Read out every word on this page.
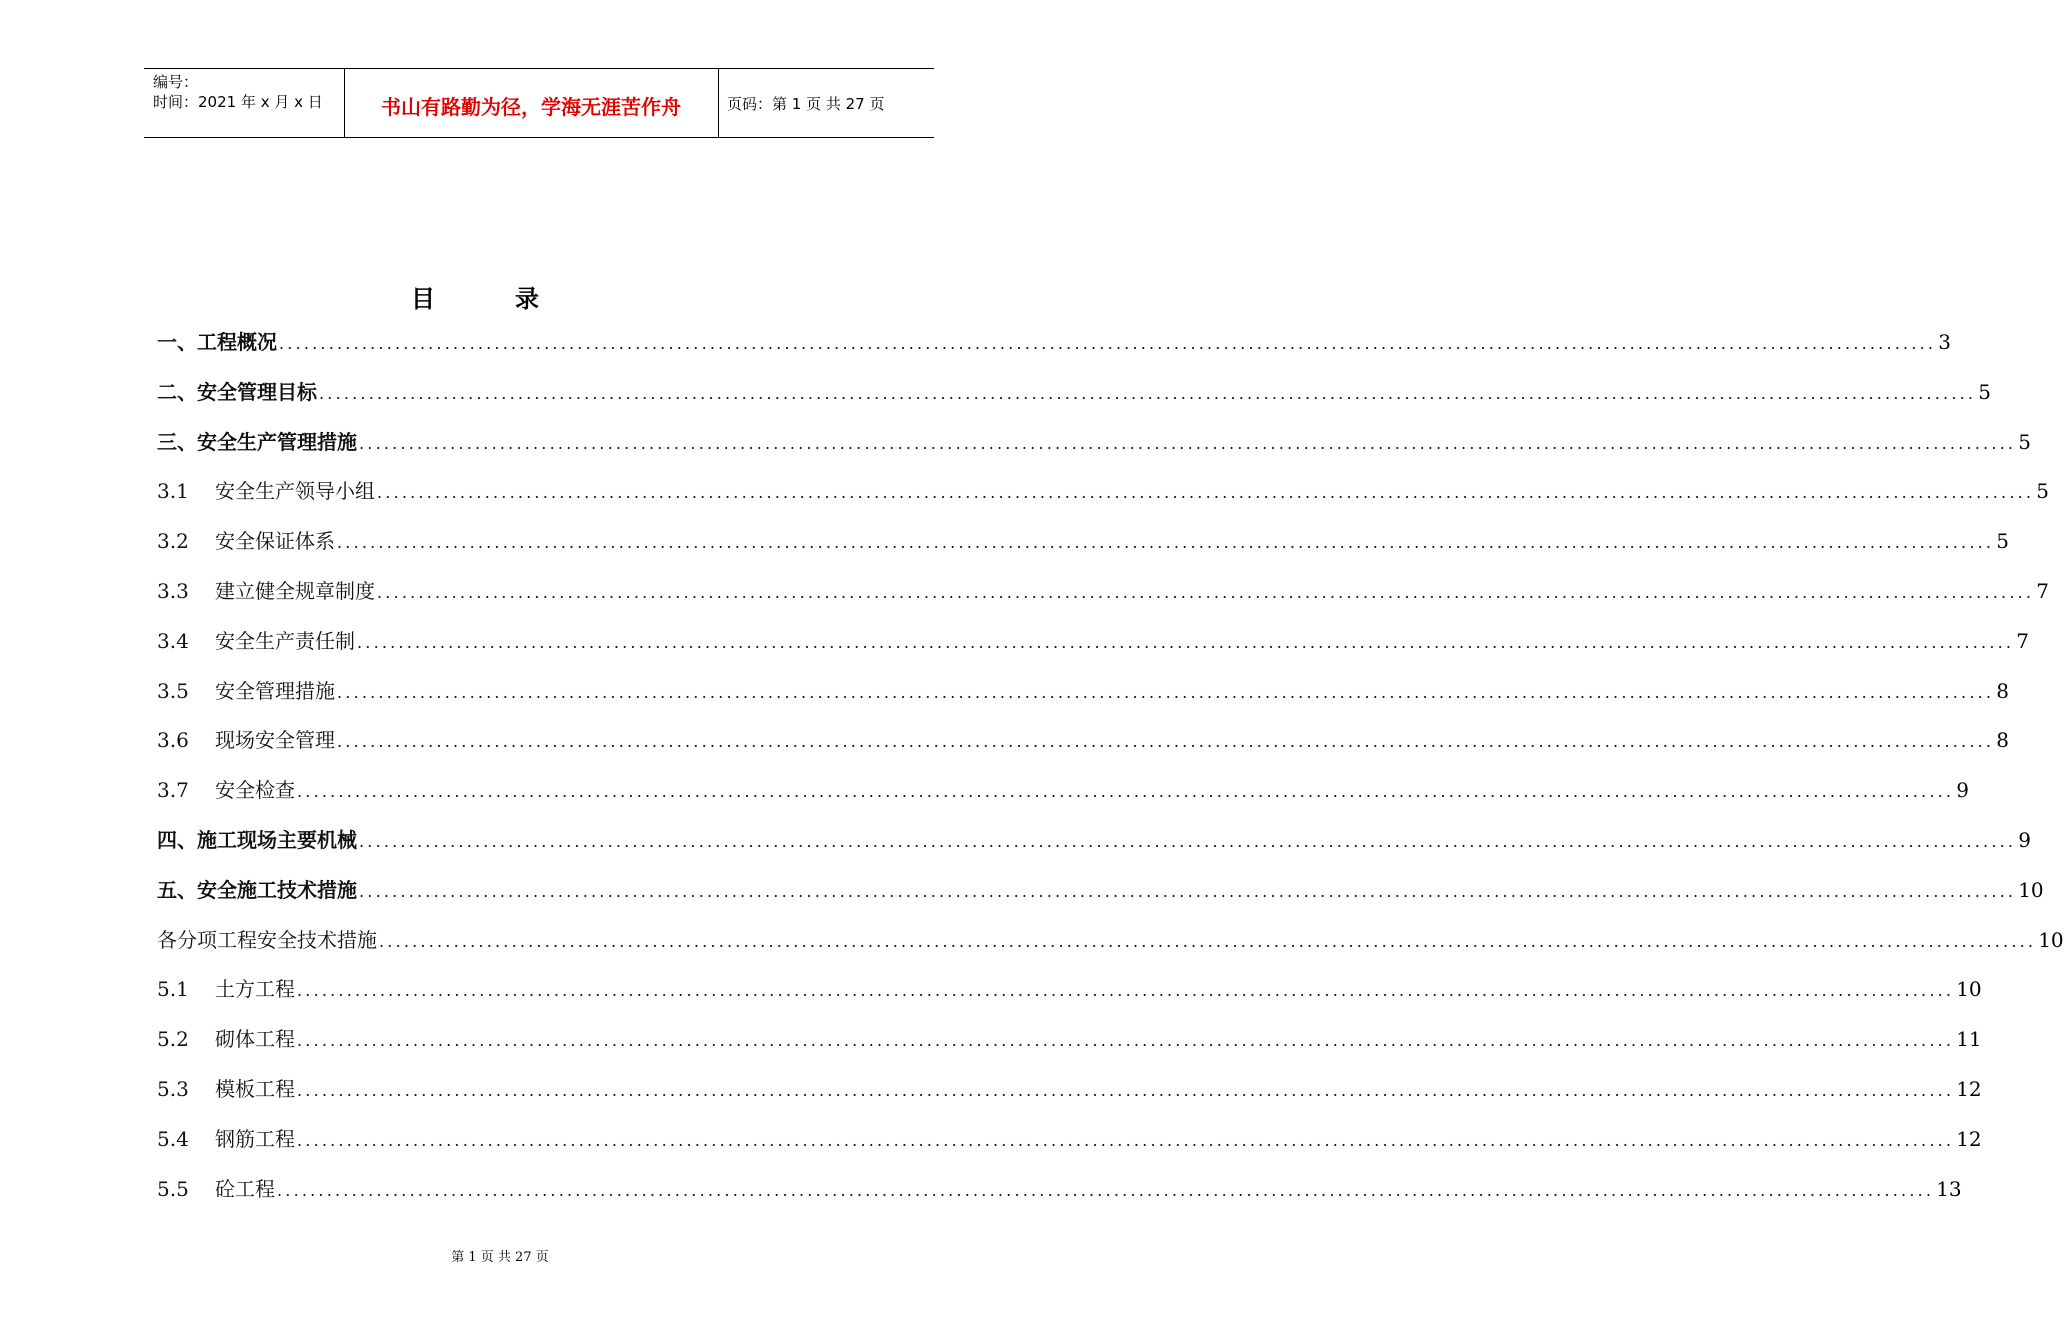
编号：
时间：2021 年 x 月 x 日	书山有路勤为径，学海无涯苦作舟	页码：第 1 页 共 27 页
目	录
一、工程概况 ........................................................................................................................................................................................................ 3
二、安全管理目标 ........................................................................................................................................................................................................ 5
三、安全生产管理措施 ........................................................................................................................................................................................................ 5
3.1 安全生产领导小组 ........................................................................................................................................................................................................ 5
3.2 安全保证体系 ........................................................................................................................................................................................................ 5
3.3 建立健全规章制度 ........................................................................................................................................................................................................ 7
3.4 安全生产责任制 ........................................................................................................................................................................................................ 7
3.5 安全管理措施 ........................................................................................................................................................................................................ 8
3.6 现场安全管理 ........................................................................................................................................................................................................ 8
3.7 安全检查 ........................................................................................................................................................................................................ 9
四、施工现场主要机械 ........................................................................................................................................................................................................ 9
五、安全施工技术措施 ........................................................................................................................................................................................................ 10
各分项工程安全技术措施 ........................................................................................................................................................................................................ 10
5.1 土方工程 ........................................................................................................................................................................................................ 10
5.2 砌体工程 ........................................................................................................................................................................................................ 11
5.3 模板工程 ........................................................................................................................................................................................................ 12
5.4 钢筋工程 ........................................................................................................................................................................................................ 12
5.5 砼工程 ........................................................................................................................................................................................................ 13
第 1 页 共 27 页
